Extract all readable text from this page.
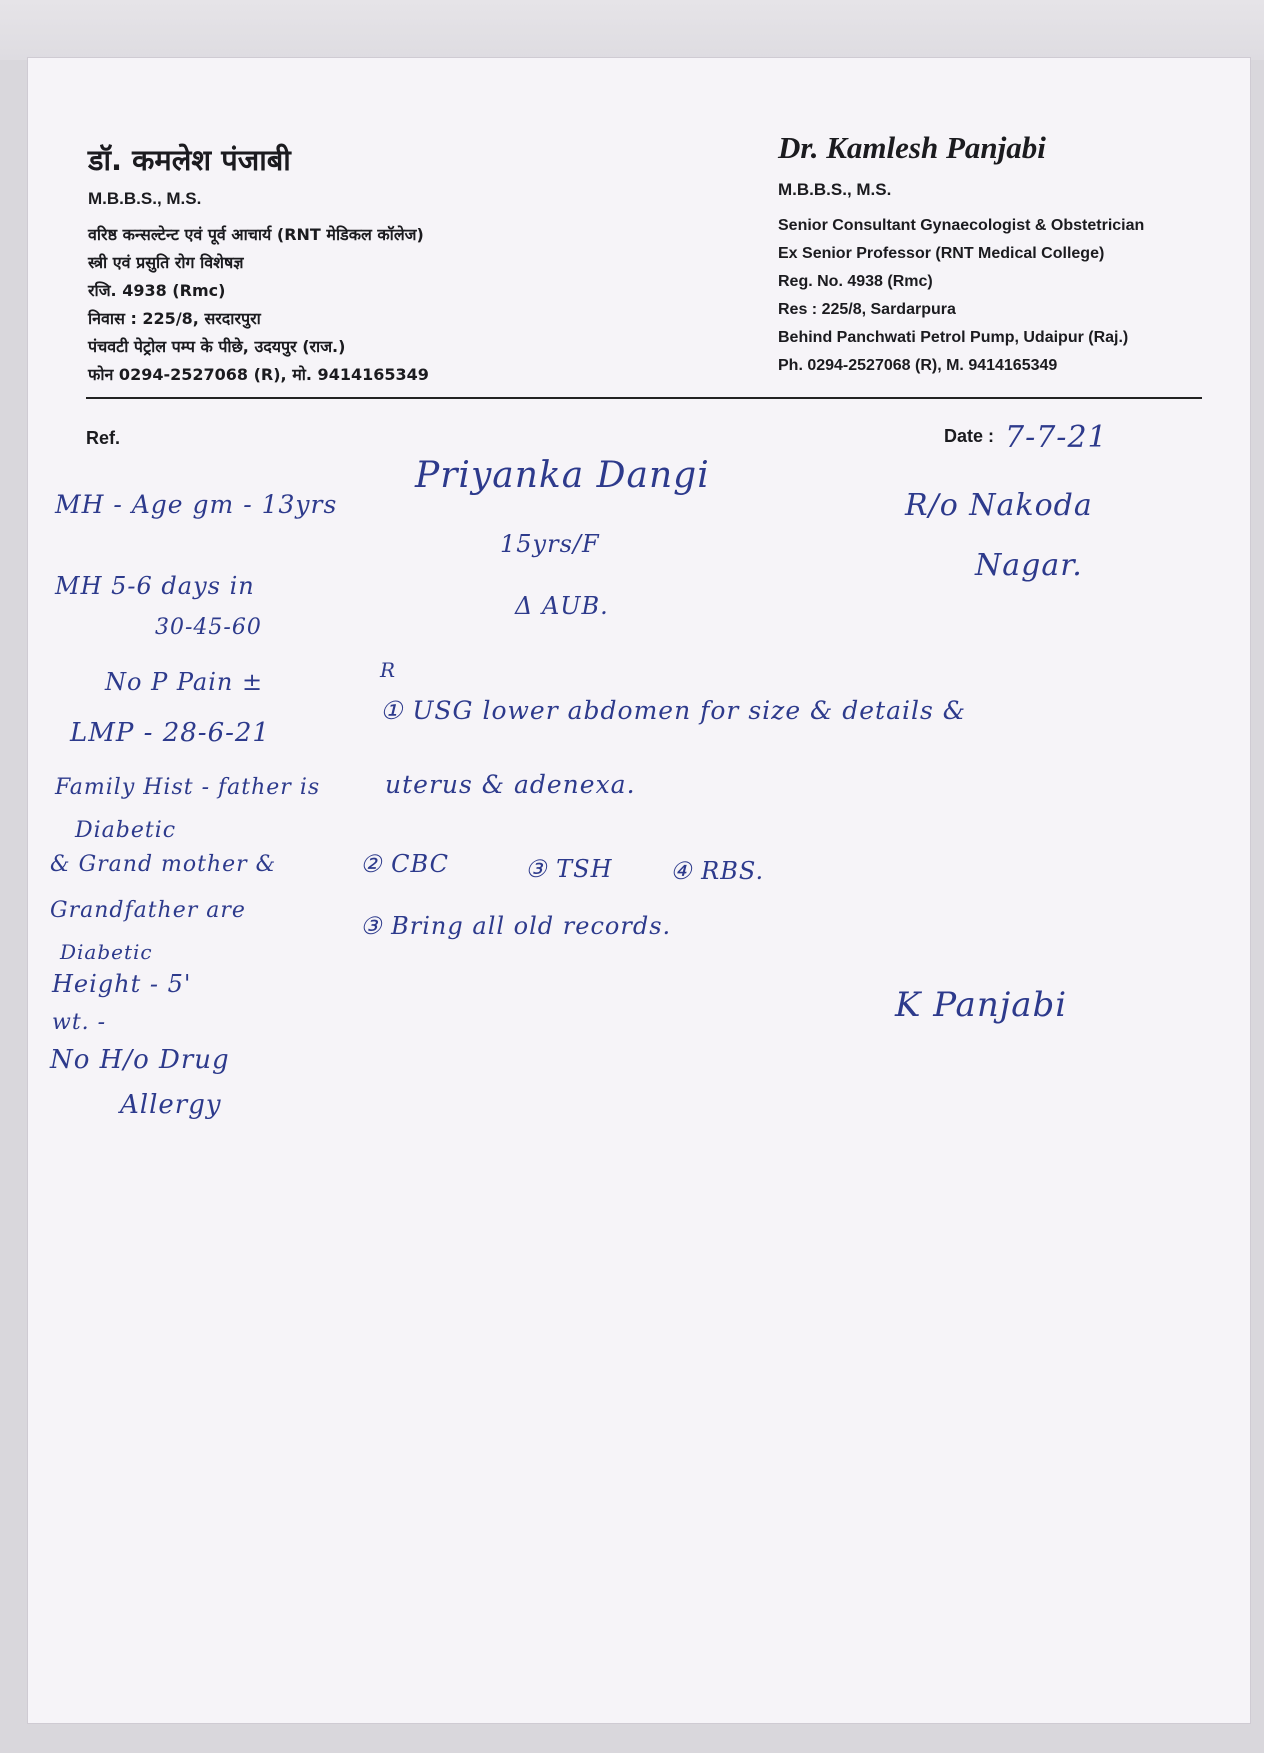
डॉ. कमलेश पंजाबी
M.B.B.S., M.S.
वरिष्ठ कन्सल्टेन्ट एवं पूर्व आचार्य (RNT मेडिकल कॉलेज)
स्त्री एवं प्रसुति रोग विशेषज्ञ
रजि. 4938 (Rmc)
निवास : 225/8, सरदारपुरा
पंचवटी पेट्रोल पम्प के पीछे, उदयपुर (राज.)
फोन 0294-2527068 (R), मो. 9414165349
Dr. Kamlesh Panjabi
M.B.B.S., M.S.
Senior Consultant Gynaecologist & Obstetrician
Ex Senior Professor (RNT Medical College)
Reg. No. 4938 (Rmc)
Res : 225/8, Sardarpura
Behind Panchwati Petrol Pump, Udaipur (Raj.)
Ph. 0294-2527068 (R), M. 9414165349
Ref.	Date : 7-7-21
Priyanka Dangi
15yrs/F
Δ AUB.
R/o Nakoda
Nagar.
MH - Age gm - 13yrs
MH 5-6 days in
30-45-60
No P Pain ±
LMP - 28-6-21
R
① USG lower abdomen for size & details &
uterus & adenexa.
② CBC	③ TSH ④ RBS.
③ Bring all old records.
Family Hist - father is
Diabetic
& Grand mother &
Grandfather are
Diabetic
Height - 5'
wt. -
No H/o Drug
Allergy
K Panjabi
